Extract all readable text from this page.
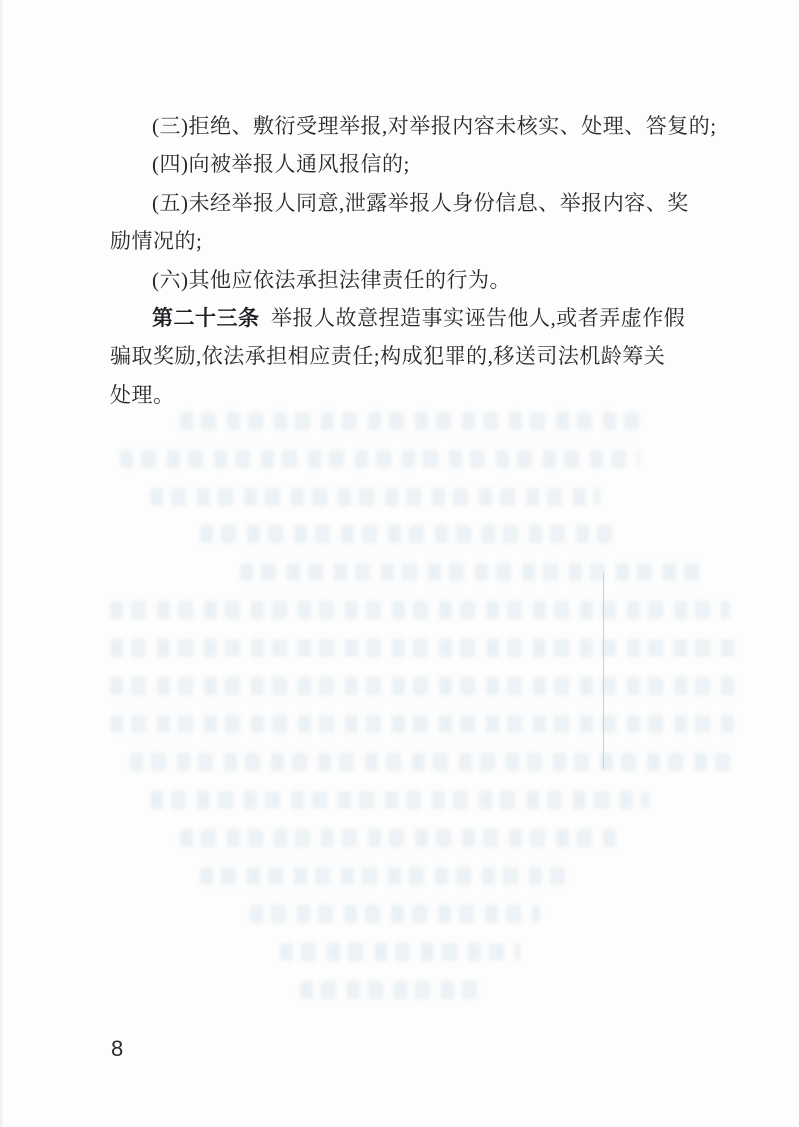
(三)拒绝、敷衍受理举报,对举报内容未核实、处理、答复的;
(四)向被举报人通风报信的;
(五)未经举报人同意,泄露举报人身份信息、举报内容、奖
励情况的;
(六)其他应依法承担法律责任的行为。
第二十三条 举报人故意捏造事实诬告他人,或者弄虚作假
骗取奖励,依法承担相应责任;构成犯罪的,移送司法机龄筹关
处理。
8
